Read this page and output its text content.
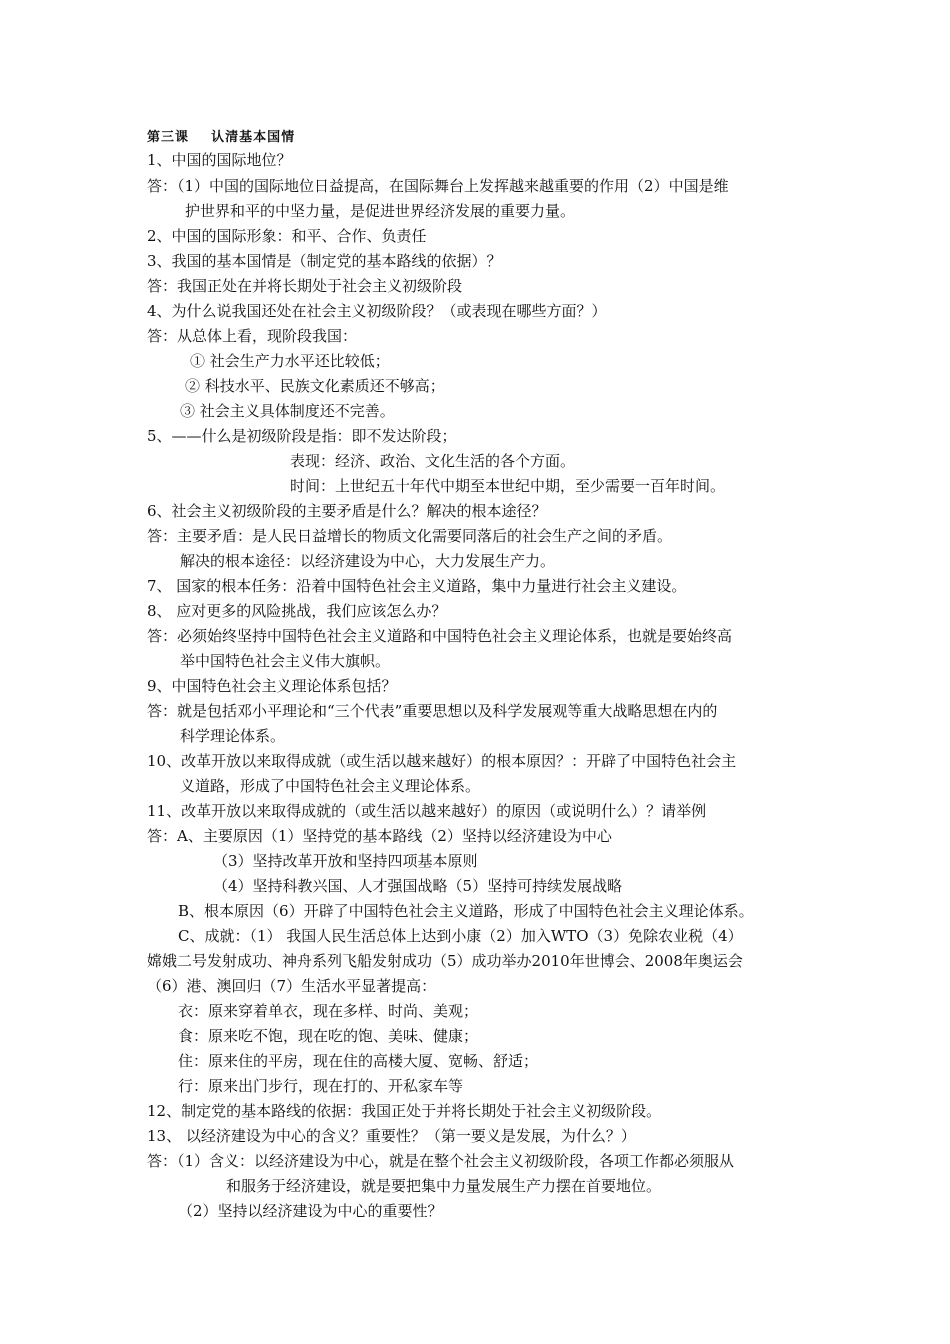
第三课    认清基本国情
1、中国的国际地位？
答：（1）中国的国际地位日益提高，在国际舞台上发挥越来越重要的作用（2）中国是维
护世界和平的中坚力量，是促进世界经济发展的重要力量。
2、中国的国际形象：和平、合作、负责任
3、我国的基本国情是（制定党的基本路线的依据）？
答：我国正处在并将长期处于社会主义初级阶段
4、为什么说我国还处在社会主义初级阶段？（或表现在哪些方面？）
答：从总体上看，现阶段我国：
① 社会生产力水平还比较低；
② 科技水平、民族文化素质还不够高；
③ 社会主义具体制度还不完善。
5、——什么是初级阶段是指：即不发达阶段；
表现：经济、政治、文化生活的各个方面。
时间：上世纪五十年代中期至本世纪中期，至少需要一百年时间。
6、社会主义初级阶段的主要矛盾是什么？解决的根本途径？
答：主要矛盾：是人民日益增长的物质文化需要同落后的社会生产之间的矛盾。
解决的根本途径：以经济建设为中心，大力发展生产力。
7、 国家的根本任务：沿着中国特色社会主义道路，集中力量进行社会主义建设。
8、 应对更多的风险挑战，我们应该怎么办？
答：必须始终坚持中国特色社会主义道路和中国特色社会主义理论体系，也就是要始终高
举中国特色社会主义伟大旗帜。
9、中国特色社会主义理论体系包括？
答：就是包括邓小平理论和“三个代表”重要思想以及科学发展观等重大战略思想在内的
科学理论体系。
10、改革开放以来取得成就（或生活以越来越好）的根本原因？：开辟了中国特色社会主
义道路，形成了中国特色社会主义理论体系。
11、改革开放以来取得成就的（或生活以越来越好）的原因（或说明什么）？请举例
答：A、主要原因（1）坚持党的基本路线（2）坚持以经济建设为中心
（3）坚持改革开放和坚持四项基本原则
（4）坚持科教兴国、人才强国战略（5）坚持可持续发展战略
B、根本原因（6）开辟了中国特色社会主义道路，形成了中国特色社会主义理论体系。
C、成就：（1） 我国人民生活总体上达到小康（2）加入WTO（3）免除农业税（4）
嫦娥二号发射成功、神舟系列飞船发射成功（5）成功举办2010年世博会、2008年奥运会
（6）港、澳回归（7）生活水平显著提高：
衣：原来穿着单衣，现在多样、时尚、美观；
食：原来吃不饱，现在吃的饱、美味、健康；
住：原来住的平房，现在住的高楼大厦、宽畅、舒适；
行：原来出门步行，现在打的、开私家车等
12、制定党的基本路线的依据：我国正处于并将长期处于社会主义初级阶段。
13、 以经济建设为中心的含义？重要性？（第一要义是发展，为什么？）
答：（1）含义：以经济建设为中心，就是在整个社会主义初级阶段，各项工作都必须服从
和服务于经济建设，就是要把集中力量发展生产力摆在首要地位。
（2）坚持以经济建设为中心的重要性？
